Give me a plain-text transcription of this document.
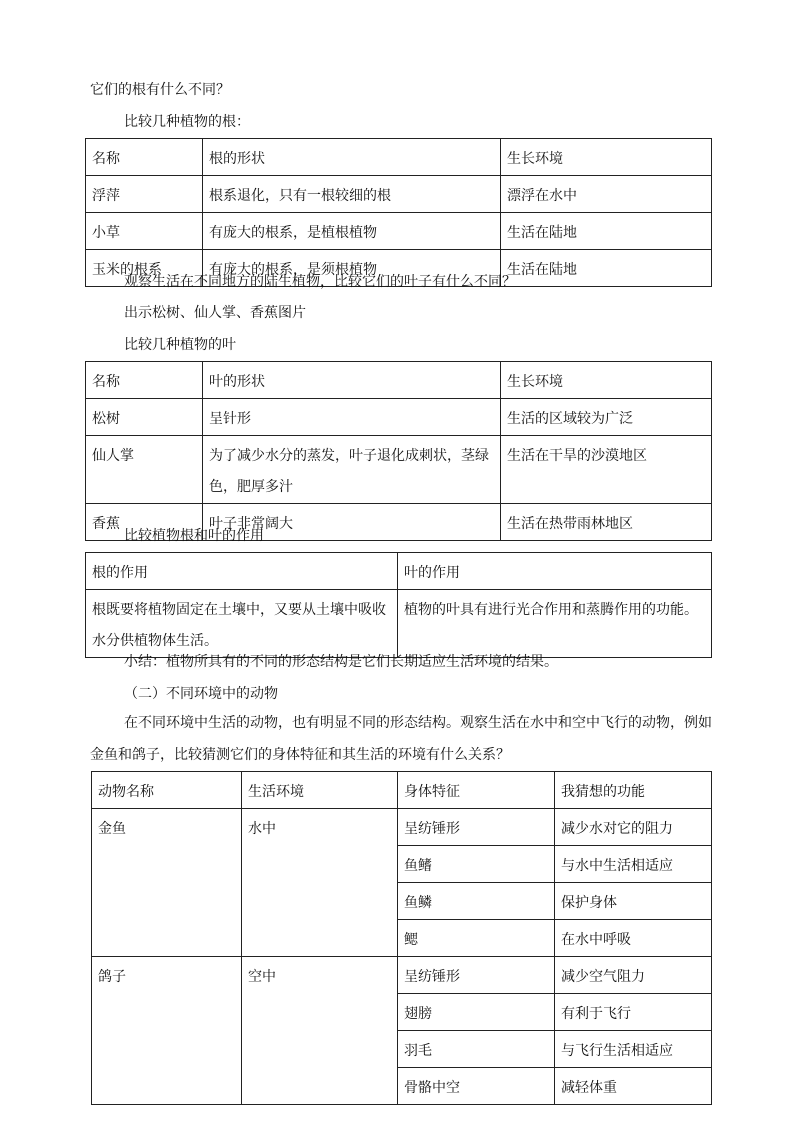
它们的根有什么不同？
比较几种植物的根：
名称	根的形状	生长环境
浮萍	根系退化，只有一根较细的根	漂浮在水中
小草	有庞大的根系，是植根植物	生活在陆地
玉米的根系	有庞大的根系，是须根植物	生活在陆地
观察生活在不同地方的陆生植物，比较它们的叶子有什么不同？
出示松树、仙人掌、香蕉图片
比较几种植物的叶
名称	叶的形状	生长环境
松树	呈针形	生活的区域较为广泛
仙人掌	为了减少水分的蒸发，叶子退化成刺状，茎绿色，肥厚多汁	生活在干旱的沙漠地区
香蕉	叶子非常阔大	生活在热带雨林地区
比较植物根和叶的作用
根的作用	叶的作用
根既要将植物固定在土壤中，又要从土壤中吸收水分供植物体生活。	植物的叶具有进行光合作用和蒸腾作用的功能。
小结：植物所具有的不同的形态结构是它们长期适应生活环境的结果。
（二）不同环境中的动物
在不同环境中生活的动物，也有明显不同的形态结构。观察生活在水中和空中飞行的动物，例如金鱼和鸽子，比较猜测它们的身体特征和其生活的环境有什么关系？
动物名称	生活环境	身体特征	我猜想的功能
金鱼	水中	呈纺锤形	减少水对它的阻力
		鱼鳍	与水中生活相适应
		鱼鳞	保护身体
		鳃	在水中呼吸
鸽子	空中	呈纺锤形	减少空气阻力
		翅膀	有利于飞行
		羽毛	与飞行生活相适应
		骨骼中空	减轻体重
